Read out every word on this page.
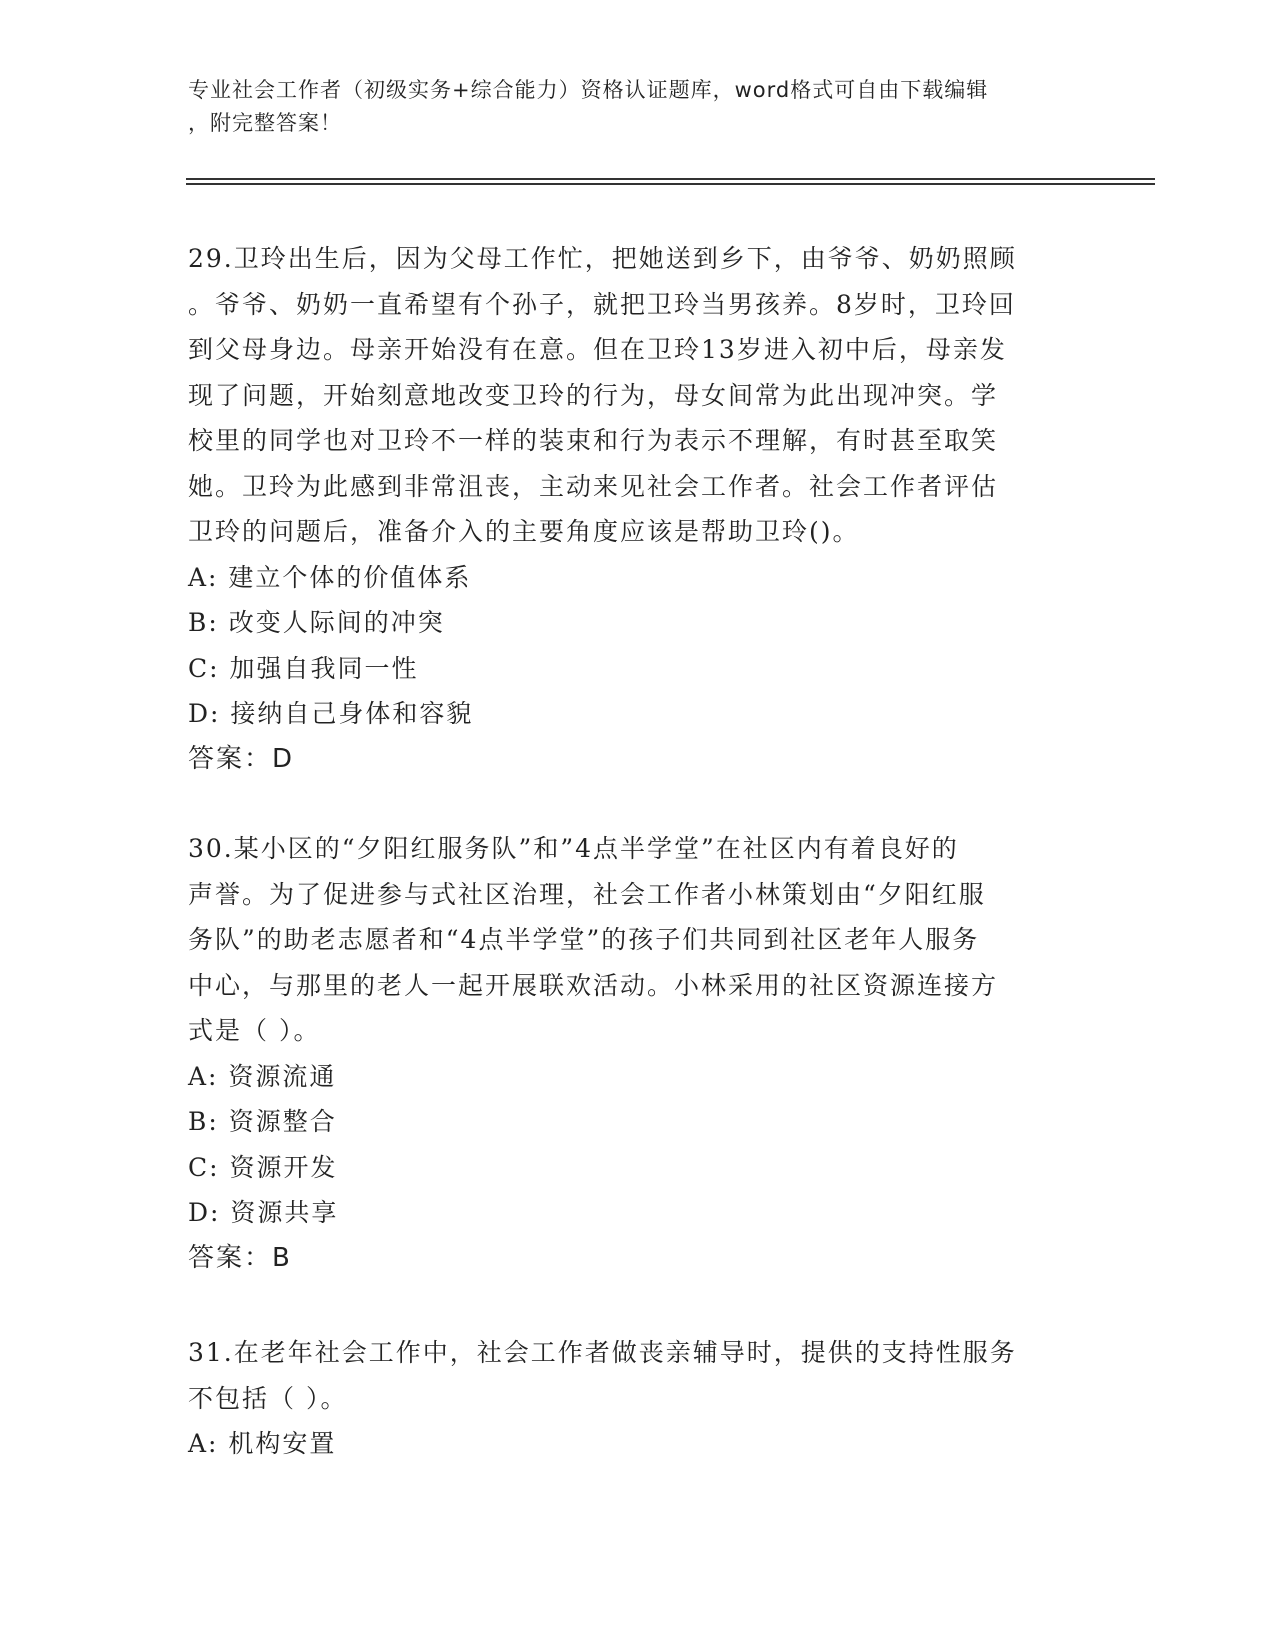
专业社会工作者（初级实务+综合能力）资格认证题库，word格式可自由下载编辑
，附完整答案！
29.卫玲出生后，因为父母工作忙，把她送到乡下，由爷爷、奶奶照顾
。爷爷、奶奶一直希望有个孙子，就把卫玲当男孩养。8岁时，卫玲回
到父母身边。母亲开始没有在意。但在卫玲13岁进入初中后，母亲发
现了问题，开始刻意地改变卫玲的行为，母女间常为此出现冲突。学
校里的同学也对卫玲不一样的装束和行为表示不理解，有时甚至取笑
她。卫玲为此感到非常沮丧，主动来见社会工作者。社会工作者评估
卫玲的问题后，准备介入的主要角度应该是帮助卫玲()。
A: 建立个体的价值体系
B: 改变人际间的冲突
C: 加强自我同一性
D: 接纳自己身体和容貌
答案：D
30.某小区的“夕阳红服务队”和”4点半学堂”在社区内有着良好的
声誉。为了促进参与式社区治理，社会工作者小林策划由“夕阳红服
务队”的助老志愿者和“4点半学堂”的孩子们共同到社区老年人服务
中心，与那里的老人一起开展联欢活动。小林采用的社区资源连接方
式是（ ）。
A: 资源流通
B: 资源整合
C: 资源开发
D: 资源共享
答案：B
31.在老年社会工作中，社会工作者做丧亲辅导时，提供的支持性服务
不包括（ ）。
A: 机构安置
